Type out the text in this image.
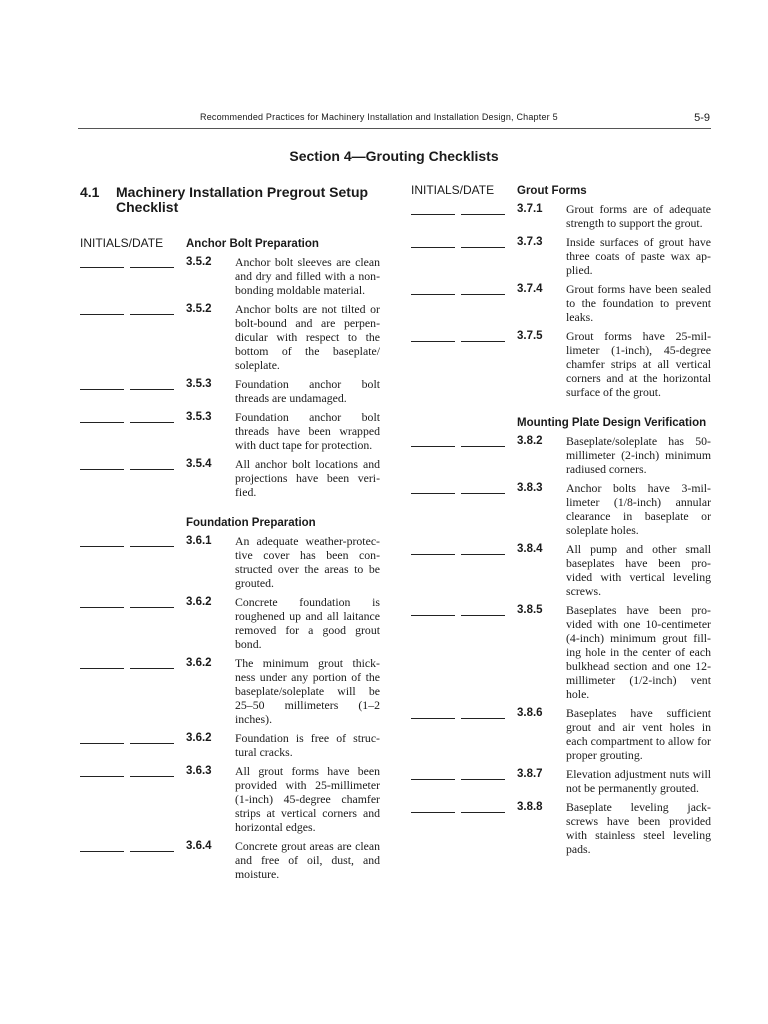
Recommended Practices for Machinery Installation and Installation Design, Chapter 5	5-9
Section 4—Grouting Checklists
4.1	Machinery Installation Pregrout Setup Checklist
INITIALS/DATE	Anchor Bolt Preparation
3.5.2	Anchor bolt sleeves are clean and dry and filled with a non-bonding moldable material.
3.5.2	Anchor bolts are not tilted or bolt-bound and are perpen-dicular with respect to the bottom of the baseplate/ soleplate.
3.5.3	Foundation anchor bolt threads are undamaged.
3.5.3	Foundation anchor bolt threads have been wrapped with duct tape for protection.
3.5.4	All anchor bolt locations and projections have been veri-fied.
Foundation Preparation
3.6.1	An adequate weather-protec-tive cover has been con-structed over the areas to be grouted.
3.6.2	Concrete foundation is roughened up and all laitance removed for a good grout bond.
3.6.2	The minimum grout thick-ness under any portion of the baseplate/soleplate will be 25–50 millimeters (1–2 inches).
3.6.2	Foundation is free of struc-tural cracks.
3.6.3	All grout forms have been provided with 25-millimeter (1-inch) 45-degree chamfer strips at vertical corners and horizontal edges.
3.6.4	Concrete grout areas are clean and free of oil, dust, and moisture.
INITIALS/DATE	Grout Forms
3.7.1	Grout forms are of adequate strength to support the grout.
3.7.3	Inside surfaces of grout have three coats of paste wax ap-plied.
3.7.4	Grout forms have been sealed to the foundation to prevent leaks.
3.7.5	Grout forms have 25-mil-limeter (1-inch), 45-degree chamfer strips at all vertical corners and at the horizontal surface of the grout.
Mounting Plate Design Verification
3.8.2	Baseplate/soleplate has 50-millimeter (2-inch) minimum radiused corners.
3.8.3	Anchor bolts have 3-mil-limeter (1/8-inch) annular clearance in baseplate or soleplate holes.
3.8.4	All pump and other small baseplates have been pro-vided with vertical leveling screws.
3.8.5	Baseplates have been pro-vided with one 10-centimeter (4-inch) minimum grout fill-ing hole in the center of each bulkhead section and one 12-millimeter (1/2-inch) vent hole.
3.8.6	Baseplates have sufficient grout and air vent holes in each compartment to allow for proper grouting.
3.8.7	Elevation adjustment nuts will not be permanently grouted.
3.8.8	Baseplate leveling jack-screws have been provided with stainless steel leveling pads.
